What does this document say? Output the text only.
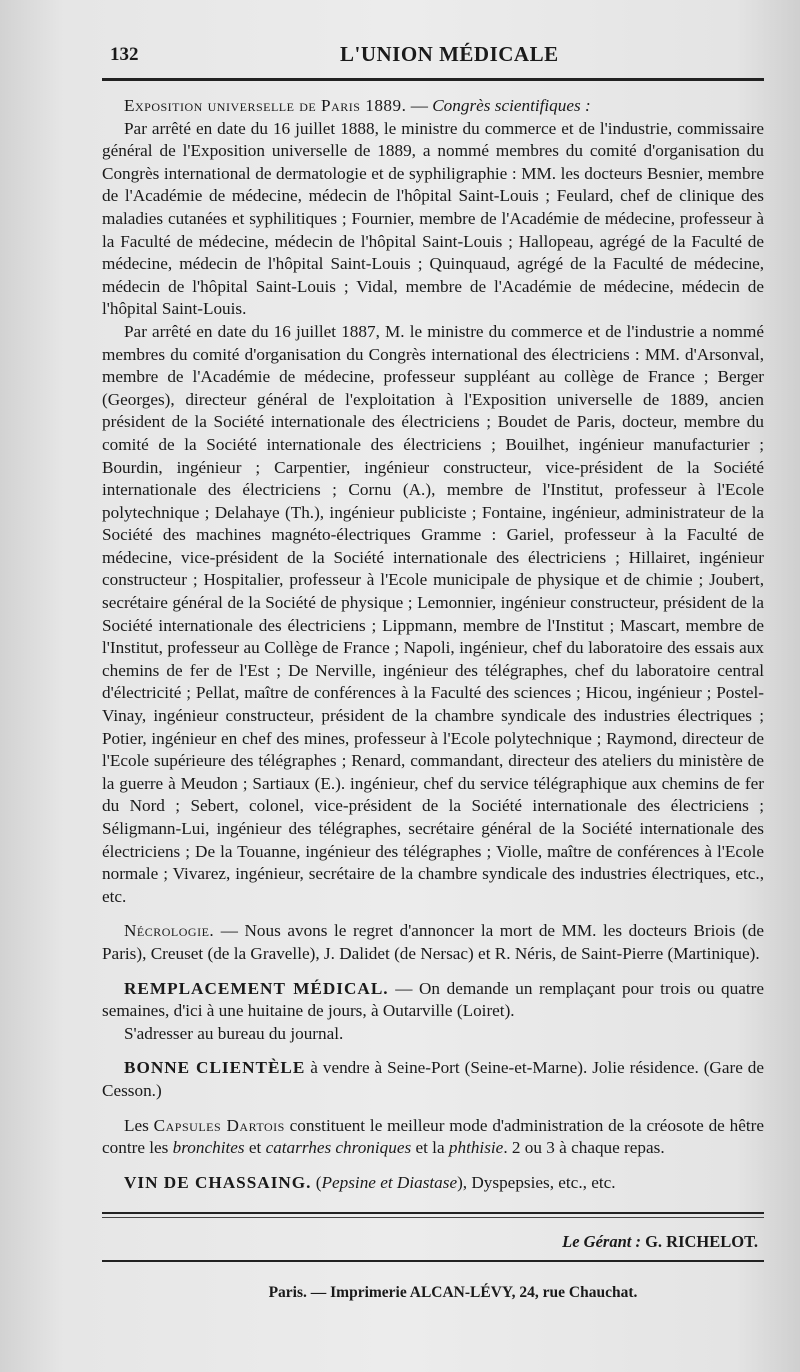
132	L'UNION MÉDICALE

Exposition universelle de Paris 1889. — Congrès scientifiques :

Par arrêté en date du 16 juillet 1888, le ministre du commerce et de l'industrie, commissaire général de l'Exposition universelle de 1889, a nommé membres du comité d'organisation du Congrès international de dermatologie et de syphiligraphie : MM. les docteurs Besnier, membre de l'Académie de médecine, médecin de l'hôpital Saint-Louis ; Feulard, chef de clinique des maladies cutanées et syphilitiques ; Fournier, membre de l'Académie de médecine, professeur à la Faculté de médecine, médecin de l'hôpital Saint-Louis ; Hallopeau, agrégé de la Faculté de médecine, médecin de l'hôpital Saint-Louis ; Quinquaud, agrégé de la Faculté de médecine, médecin de l'hôpital Saint-Louis ; Vidal, membre de l'Académie de médecine, médecin de l'hôpital Saint-Louis.

Par arrêté en date du 16 juillet 1887, M. le ministre du commerce et de l'industrie a nommé membres du comité d'organisation du Congrès international des électriciens : MM. d'Arsonval, membre de l'Académie de médecine, professeur suppléant au collège de France ; Berger (Georges), directeur général de l'exploitation à l'Exposition universelle de 1889, ancien président de la Société internationale des électriciens ; Boudet de Paris, docteur, membre du comité de la Société internationale des électriciens ; Bouilhet, ingénieur manufacturier ; Bourdin, ingénieur ; Carpentier, ingénieur constructeur, vice-président de la Société internationale des électriciens ; Cornu (A.), membre de l'Institut, professeur à l'Ecole polytechnique ; Delahaye (Th.), ingénieur publiciste ; Fontaine, ingénieur, administrateur de la Société des machines magnéto-électriques Gramme : Gariel, professeur à la Faculté de médecine, vice-président de la Société internationale des électriciens ; Hillairet, ingénieur constructeur ; Hospitalier, professeur à l'Ecole municipale de physique et de chimie ; Joubert, secrétaire général de la Société de physique ; Lemonnier, ingénieur constructeur, président de la Société internationale des électriciens ; Lippmann, membre de l'Institut ; Mascart, membre de l'Institut, professeur au Collège de France ; Napoli, ingénieur, chef du laboratoire des essais aux chemins de fer de l'Est ; De Nerville, ingénieur des télégraphes, chef du laboratoire central d'électricité ; Pellat, maître de conférences à la Faculté des sciences ; Hicou, ingénieur ; Postel-Vinay, ingénieur constructeur, président de la chambre syndicale des industries électriques ; Potier, ingénieur en chef des mines, professeur à l'Ecole polytechnique ; Raymond, directeur de l'Ecole supérieure des télégraphes ; Renard, commandant, directeur des ateliers du ministère de la guerre à Meudon ; Sartiaux (E.). ingénieur, chef du service télégraphique aux chemins de fer du Nord ; Sebert, colonel, vice-président de la Société internationale des électriciens ; Séligmann-Lui, ingénieur des télégraphes, secrétaire général de la Société internationale des électriciens ; De la Touanne, ingénieur des télégraphes ; Violle, maître de conférences à l'Ecole normale ; Vivarez, ingénieur, secrétaire de la chambre syndicale des industries électriques, etc., etc.

Nécrologie. — Nous avons le regret d'annoncer la mort de MM. les docteurs Briois (de Paris), Creuset (de la Gravelle), J. Dalidet (de Nersac) et R. Néris, de Saint-Pierre (Martinique).

REMPLACEMENT MÉDICAL. — On demande un remplaçant pour trois ou quatre semaines, d'ici à une huitaine de jours, à Outarville (Loiret).

S'adresser au bureau du journal.

BONNE CLIENTÈLE à vendre à Seine-Port (Seine-et-Marne). Jolie résidence. (Gare de Cesson.)

Les Capsules Dartois constituent le meilleur mode d'administration de la créosote de hêtre contre les bronchites et catarrhes chroniques et la phthisie. 2 ou 3 à chaque repas.

VIN DE CHASSAING. (Pepsine et Diastase), Dyspepsies, etc., etc.

Le Gérant : G. RICHELOT.
Paris. — Imprimerie ALCAN-LÉVY, 24, rue Chauchat.
